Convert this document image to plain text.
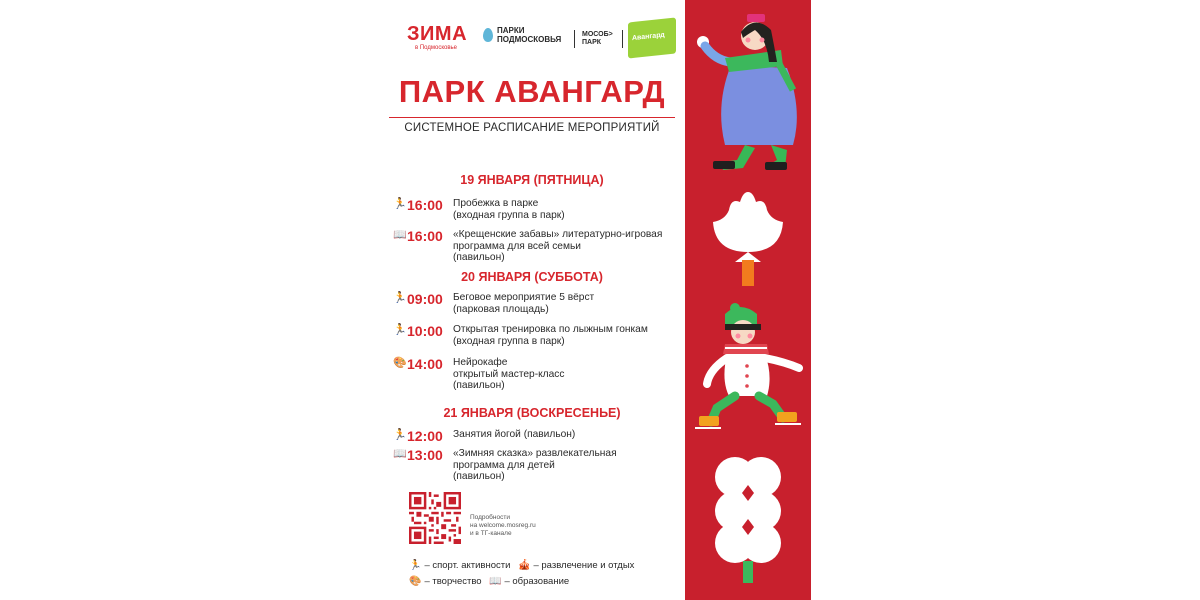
ЗИМА
в Подмосковье
ПАРКИ
ПОДМОСКОВЬЯ
МОСОБ>
ПАРК
Авангард
ПАРК АВАНГАРД
СИСТЕМНОЕ РАСПИСАНИЕ МЕРОПРИЯТИЙ
19 ЯНВАРЯ (ПЯТНИЦА)
🏃 16:00 Пробежка в парке
(входная группа в парк)
📖 16:00 «Крещенские забавы» литературно-игровая
программа для всей семьи
(павильон)
20 ЯНВАРЯ (СУББОТА)
🏃 09:00 Беговое мероприятие 5 вёрст
(парковая площадь)
🏃 10:00 Открытая тренировка по лыжным гонкам
(входная группа в парк)
🎨 14:00 Нейрокафе
открытый мастер-класс
(павильон)
21 ЯНВАРЯ (ВОСКРЕСЕНЬЕ)
🏃 12:00 Занятия йогой (павильон)
📖 13:00 «Зимняя сказка» развлекательная
программа для детей
(павильон)
Подробности
на welcome.mosreg.ru
и в ТГ-канале
🏃 – спорт. активности 🎪 – развлечение и отдых
🎨 – творчество 📖 – образование
